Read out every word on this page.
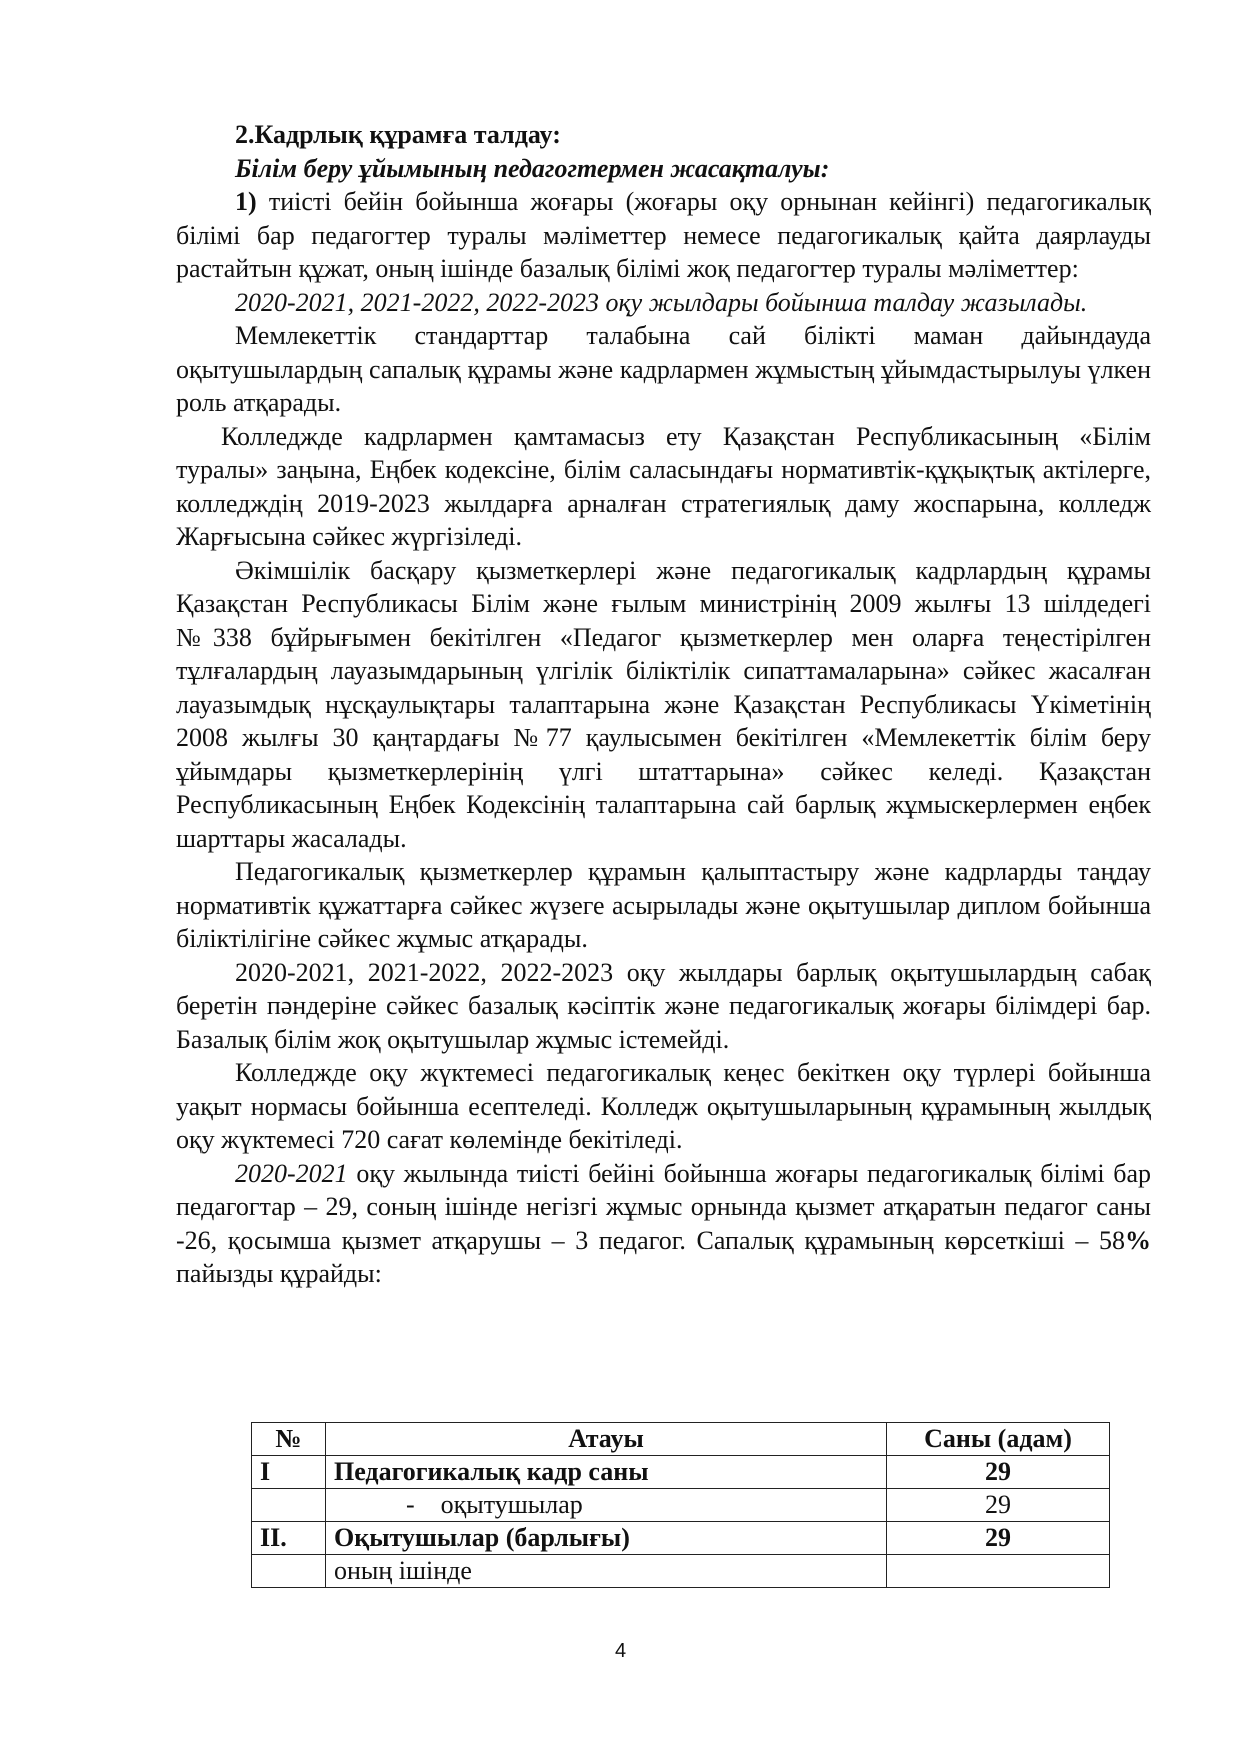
2.Кадрлық құрамға талдау:

Білім беру ұйымының педагогтермен жасақталуы:

1) тиісті бейін бойынша жоғары (жоғары оқу орнынан кейінгі) педагогикалық білімі бар педагогтер туралы мәліметтер немесе педагогикалық қайта даярлауды растайтын құжат, оның ішінде базалық білімі жоқ педагогтер туралы мәліметтер:

2020-2021, 2021-2022, 2022-2023 оқу жылдары бойынша талдау жазылады.

Мемлекеттік стандарттар талабына сай білікті маман дайындауда оқытушылардың сапалық құрамы және кадрлармен жұмыстың ұйымдастырылуы үлкен роль атқарады.

Колледжде кадрлармен қамтамасыз ету Қазақстан Республикасының «Білім туралы» заңына, Еңбек кодексіне, білім саласындағы нормативтік-құқықтық актілерге, колледждің 2019-2023 жылдарға арналған стратегиялық даму жоспарына, колледж Жарғысына сәйкес жүргізіледі.

Әкімшілік басқару қызметкерлері және педагогикалық кадрлардың құрамы Қазақстан Республикасы Білім және ғылым министрінің 2009 жылғы 13 шілдедегі №338 бұйрығымен бекітілген «Педагог қызметкерлер мен оларға теңестірілген тұлғалардың лауазымдарының үлгілік біліктілік сипаттамаларына» сәйкес жасалған лауазымдық нұсқаулықтары талаптарына және Қазақстан Республикасы Үкіметінің 2008 жылғы 30 қаңтардағы №77 қаулысымен бекітілген «Мемлекеттік білім беру ұйымдары қызметкерлерінің үлгі штаттарына» сәйкес келеді. Қазақстан Республикасының Еңбек Кодексінің талаптарына сай барлық жұмыскерлермен еңбек шарттары жасалады.

Педагогикалық қызметкерлер құрамын қалыптастыру және кадрларды таңдау нормативтік құжаттарға сәйкес жүзеге асырылады және оқытушылар диплом бойынша біліктілігіне сәйкес жұмыс атқарады.

2020-2021, 2021-2022, 2022-2023 оқу жылдары барлық оқытушылардың сабақ беретін пәндеріне сәйкес базалық кәсіптік және педагогикалық жоғары білімдері бар. Базалық білім жоқ оқытушылар жұмыс істемейді.

Колледжде оқу жүктемесі педагогикалық кеңес бекіткен оқу түрлері бойынша уақыт нормасы бойынша есептеледі. Колледж оқытушыларының құрамының жылдық оқу жүктемесі 720 сағат көлемінде бекітіледі.

2020-2021 оқу жылында тиісті бейіні бойынша жоғары педагогикалық білімі бар педагогтар – 29, соның ішінде негізгі жұмыс орнында қызмет атқаратын педагог саны -26, қосымша қызмет атқарушы – 3 педагог. Сапалық құрамының көрсеткіші – 58% пайызды құрайды:

№	Атауы	Саны (адам)
I	Педагогикалық кадр саны	29
	-    оқытушылар	29
II.	Оқытушылар (барлығы)	29
	оның ішінде	
4
